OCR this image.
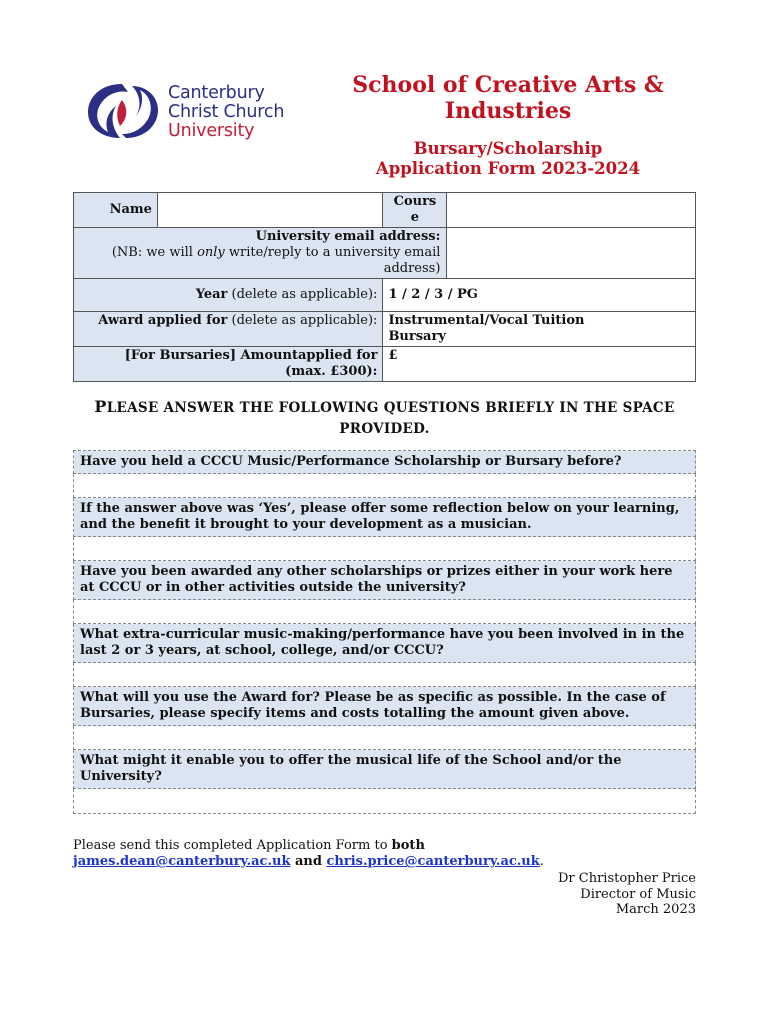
Canterbury
Christ Church
University
School of Creative Arts & Industries
Bursary/Scholarship
Application Form 2023-2024
Name		Cours
e	

University email address:
(NB: we will only write/reply to a university email address)			

Year (delete as applicable):		1 / 2 / 3 / PG	
Award applied for (delete as applicable):		Instrumental/Vocal Tuition
Bursary	

[For Bursaries] Amountapplied for
(max. £300):		£	
PLEASE ANSWER THE FOLLOWING QUESTIONS BRIEFLY IN THE SPACE PROVIDED.
Have you held a CCCU Music/Performance Scholarship or Bursary before?

If the answer above was ‘Yes’, please offer some reflection below on your learning, and the benefit it brought to your development as a musician.

Have you been awarded any other scholarships or prizes either in your work here at CCCU or in other activities outside the university?

What extra-curricular music-making/performance have you been involved in in the last 2 or 3 years, at school, college, and/or CCCU?

What will you use the Award for? Please be as specific as possible. In the case of Bursaries, please specify items and costs totalling the amount given above.

What might it enable you to offer the musical life of the School and/or the University?

Please send this completed Application Form to both
james.dean@canterbury.ac.uk and chris.price@canterbury.ac.uk.
Dr Christopher Price
Director of Music
March 2023
